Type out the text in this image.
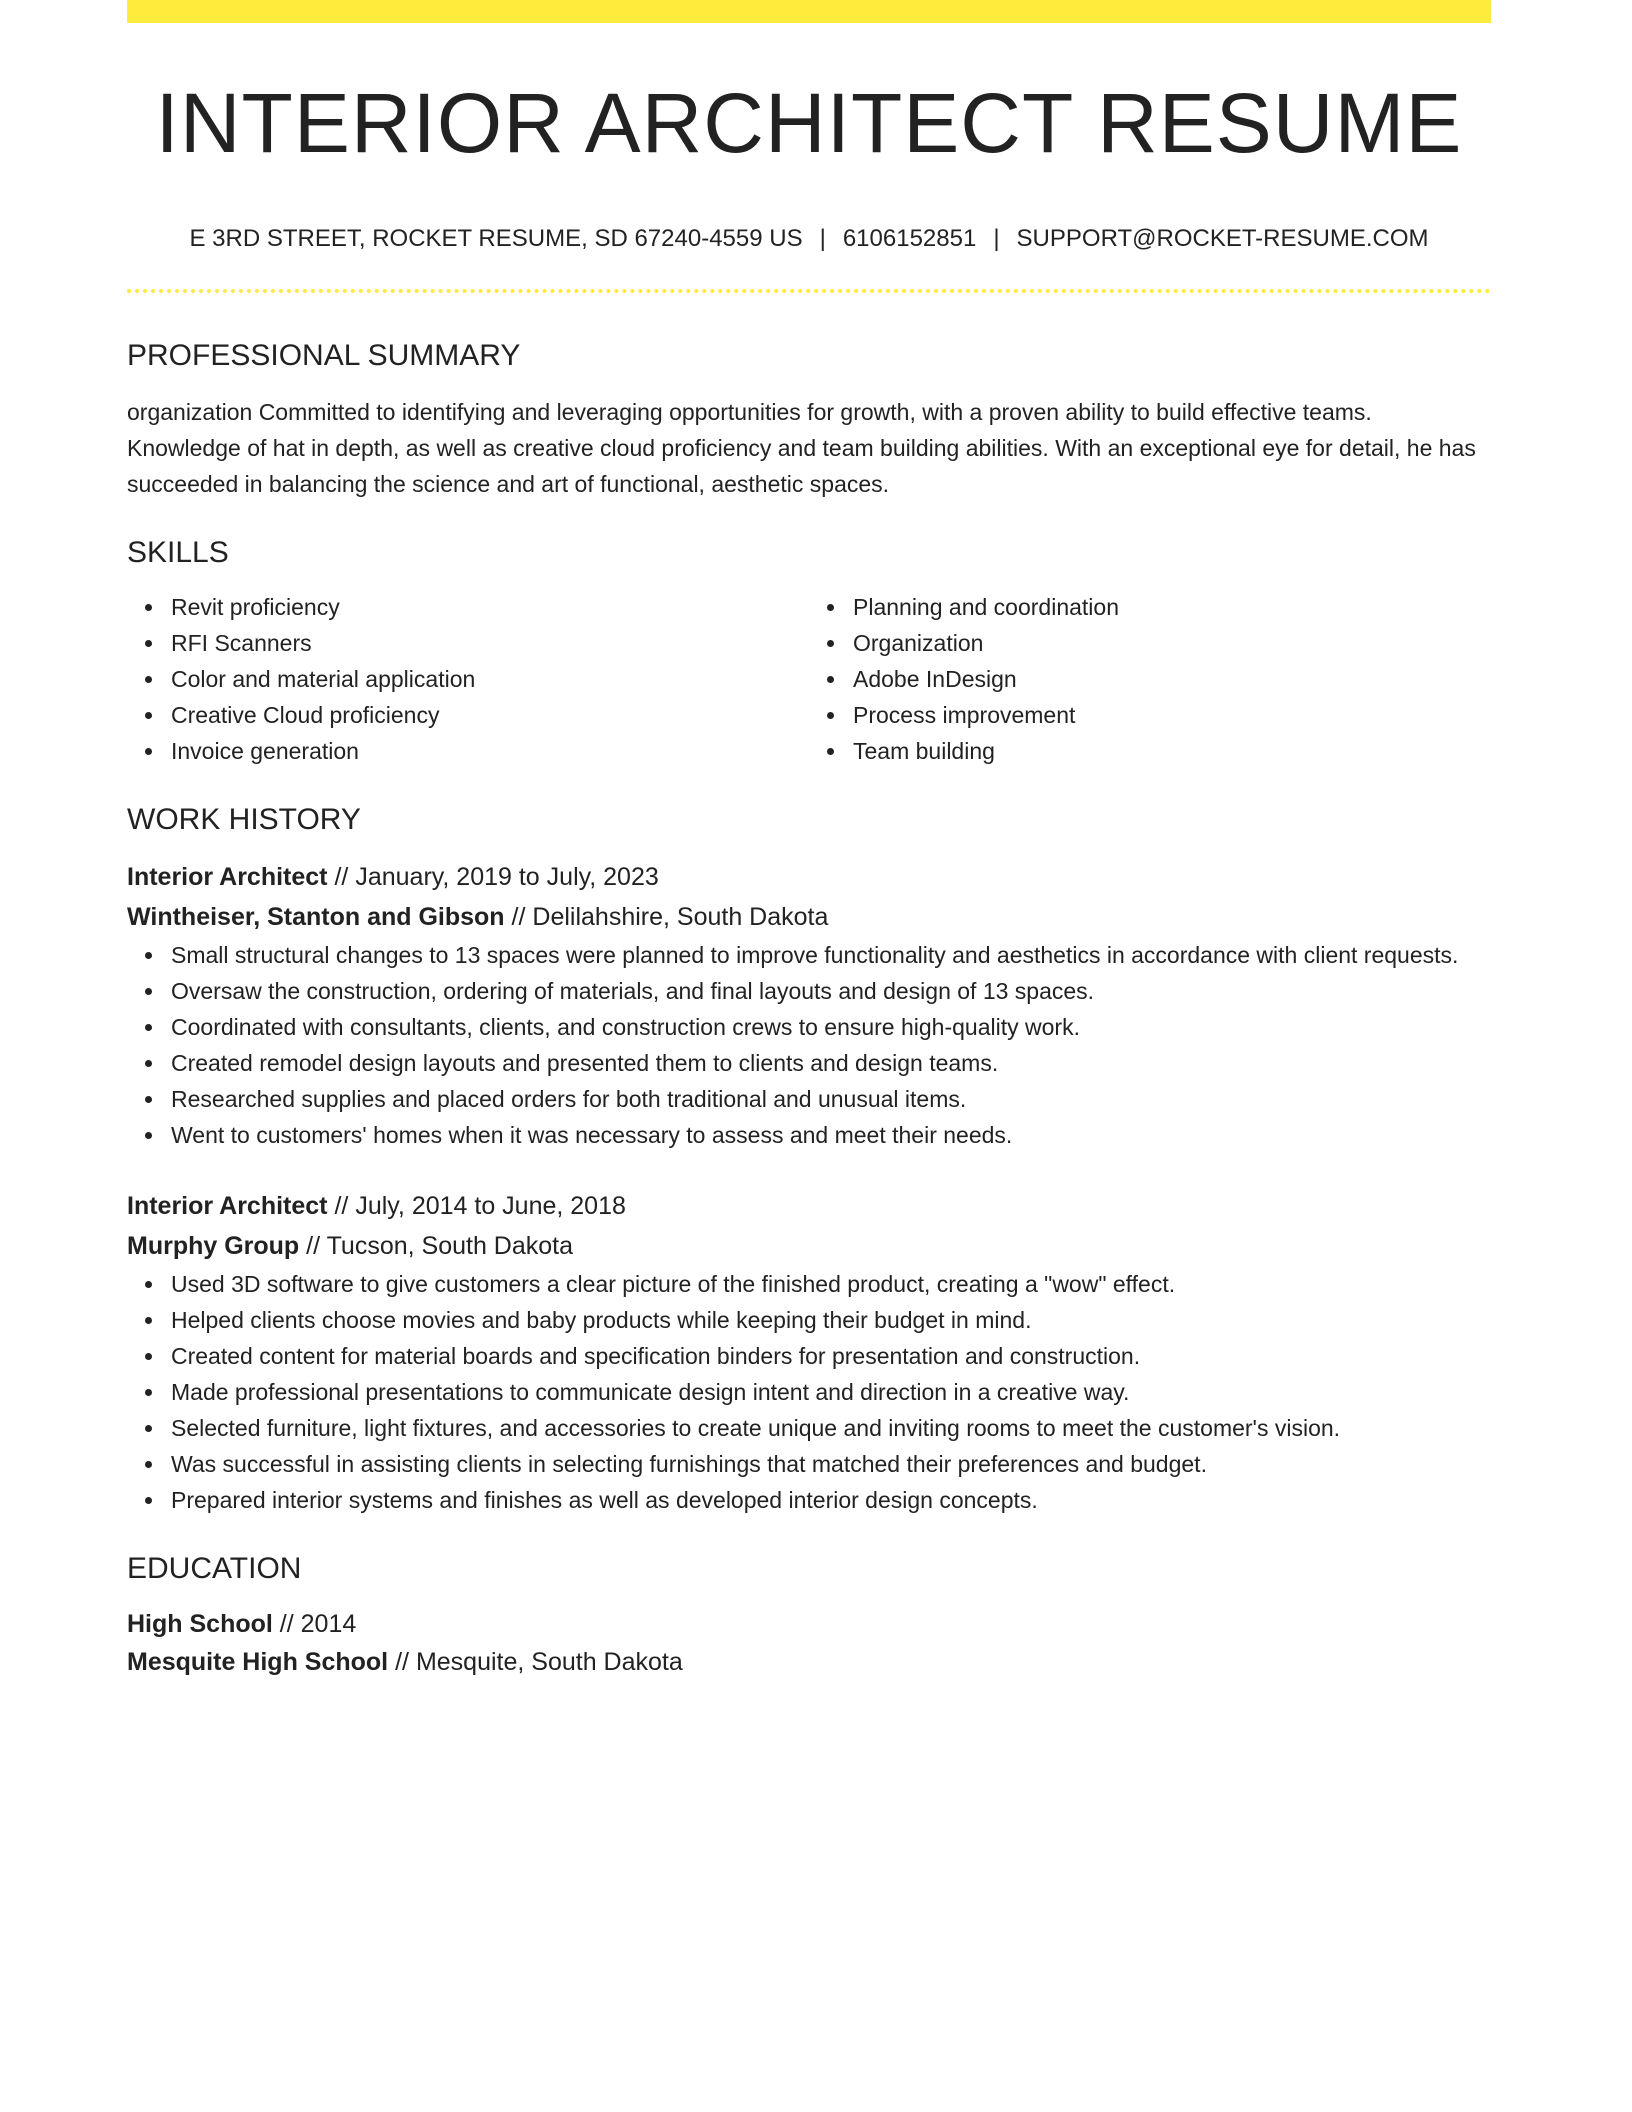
INTERIOR ARCHITECT RESUME
E 3RD STREET, ROCKET RESUME, SD 67240-4559 US | 6106152851 | SUPPORT@ROCKET-RESUME.COM
PROFESSIONAL SUMMARY
organization Committed to identifying and leveraging opportunities for growth, with a proven ability to build effective teams. Knowledge of hat in depth, as well as creative cloud proficiency and team building abilities. With an exceptional eye for detail, he has succeeded in balancing the science and art of functional, aesthetic spaces.
SKILLS
Revit proficiency
RFI Scanners
Color and material application
Creative Cloud proficiency
Invoice generation
Planning and coordination
Organization
Adobe InDesign
Process improvement
Team building
WORK HISTORY
Interior Architect // January, 2019 to July, 2023
Wintheiser, Stanton and Gibson // Delilahshire, South Dakota
Small structural changes to 13 spaces were planned to improve functionality and aesthetics in accordance with client requests.
Oversaw the construction, ordering of materials, and final layouts and design of 13 spaces.
Coordinated with consultants, clients, and construction crews to ensure high-quality work.
Created remodel design layouts and presented them to clients and design teams.
Researched supplies and placed orders for both traditional and unusual items.
Went to customers' homes when it was necessary to assess and meet their needs.
Interior Architect // July, 2014 to June, 2018
Murphy Group // Tucson, South Dakota
Used 3D software to give customers a clear picture of the finished product, creating a "wow" effect.
Helped clients choose movies and baby products while keeping their budget in mind.
Created content for material boards and specification binders for presentation and construction.
Made professional presentations to communicate design intent and direction in a creative way.
Selected furniture, light fixtures, and accessories to create unique and inviting rooms to meet the customer's vision.
Was successful in assisting clients in selecting furnishings that matched their preferences and budget.
Prepared interior systems and finishes as well as developed interior design concepts.
EDUCATION
High School // 2014
Mesquite High School // Mesquite, South Dakota
